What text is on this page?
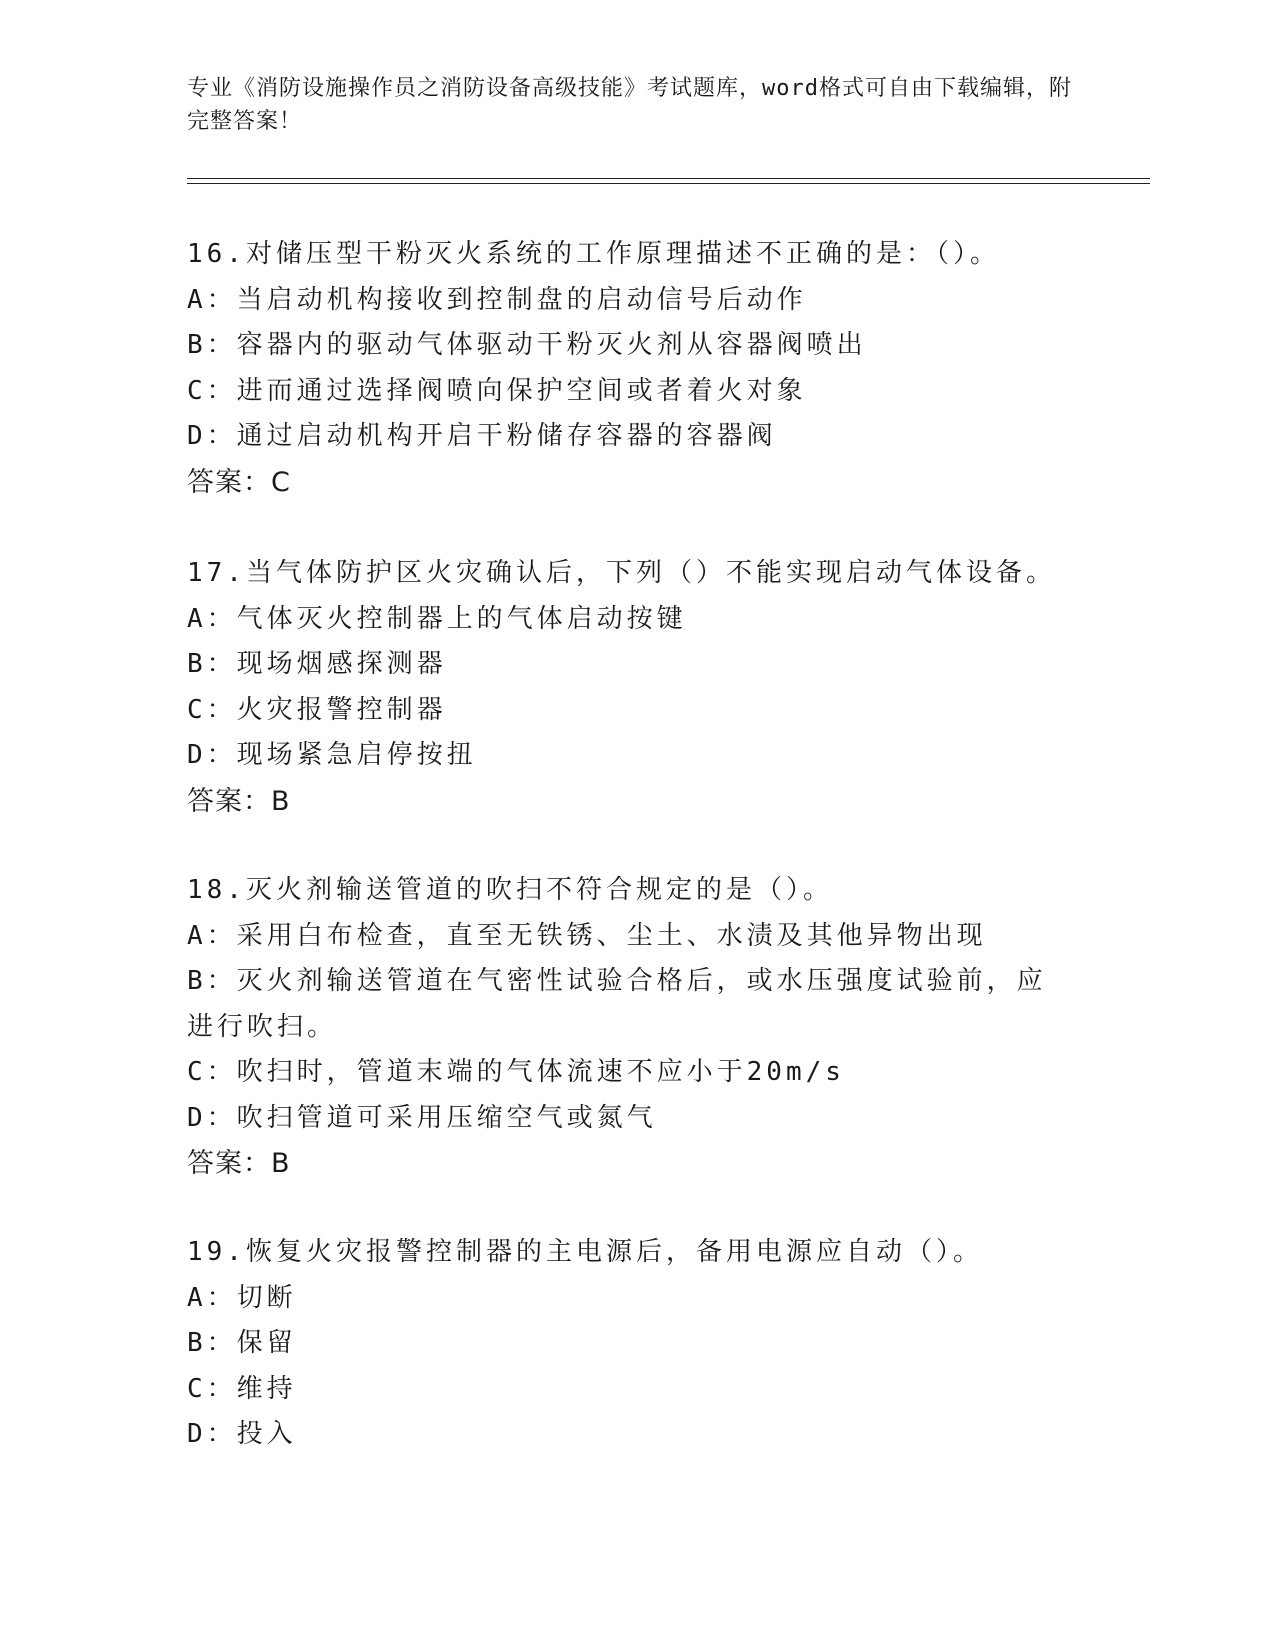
专业《消防设施操作员之消防设备高级技能》考试题库，word格式可自由下载编辑，附完整答案！
16.对储压型干粉灭火系统的工作原理描述不正确的是：（）。
A：当启动机构接收到控制盘的启动信号后动作
B：容器内的驱动气体驱动干粉灭火剂从容器阀喷出
C：进而通过选择阀喷向保护空间或者着火对象
D：通过启动机构开启干粉储存容器的容器阀
答案：C
17.当气体防护区火灾确认后，下列（）不能实现启动气体设备。
A：气体灭火控制器上的气体启动按键
B：现场烟感探测器
C：火灾报警控制器
D：现场紧急启停按扭
答案：B
18.灭火剂输送管道的吹扫不符合规定的是（）。
A：采用白布检查，直至无铁锈、尘土、水渍及其他异物出现
B：灭火剂输送管道在气密性试验合格后，或水压强度试验前，应进行吹扫。
C：吹扫时，管道末端的气体流速不应小于20m/s
D：吹扫管道可采用压缩空气或氮气
答案：B
19.恢复火灾报警控制器的主电源后，备用电源应自动（）。
A：切断
B：保留
C：维持
D：投入
